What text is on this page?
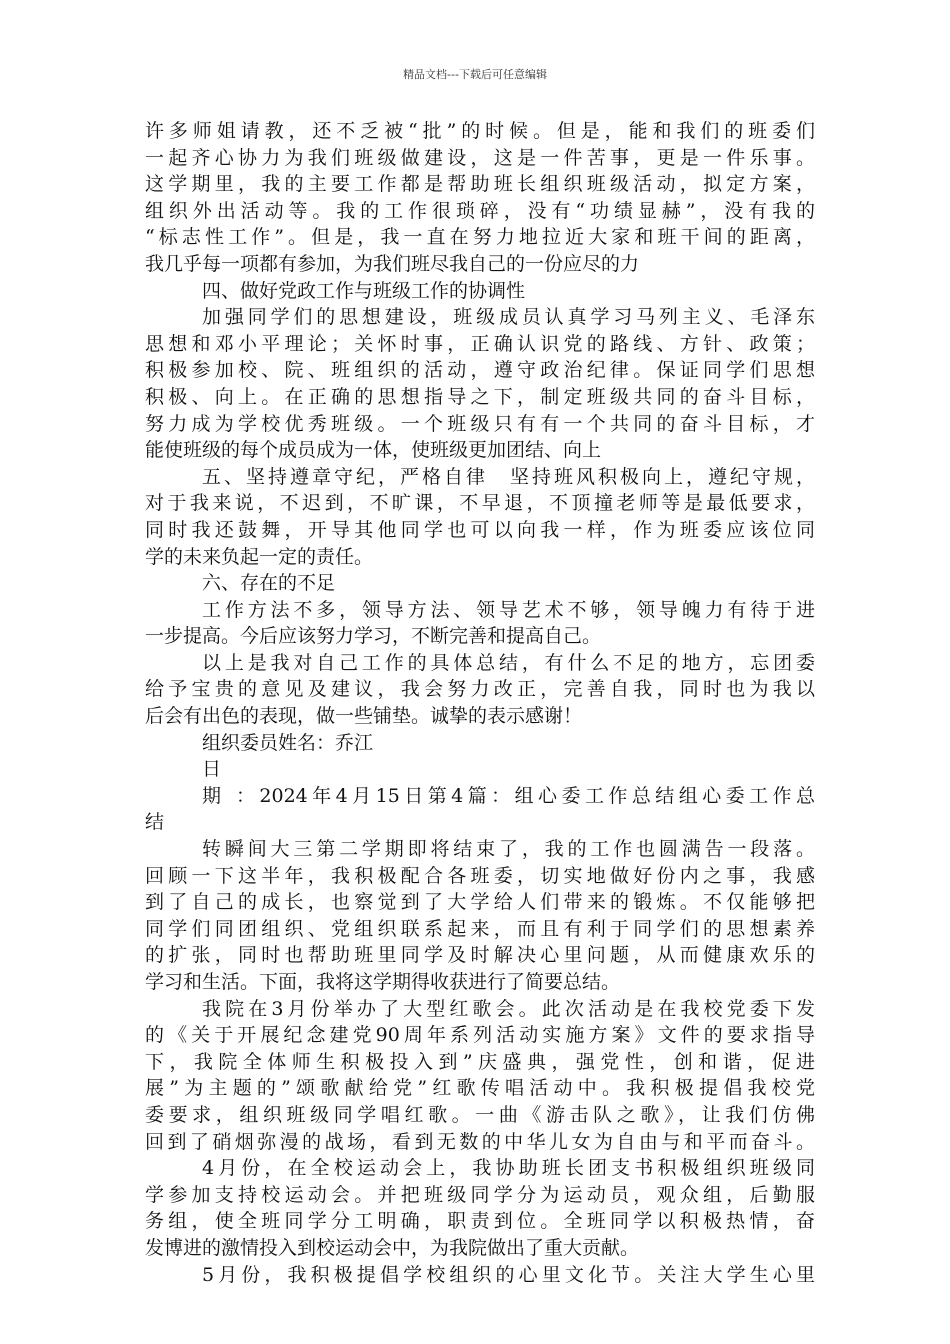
精品文档---下载后可任意编辑
许多师姐请教，还不乏被“批”的时候。但是，能和我们的班委们
一起齐心协力为我们班级做建设，这是一件苦事，更是一件乐事。
这学期里，我的主要工作都是帮助班长组织班级活动，拟定方案，
组织外出活动等。我的工作很琐碎，没有“功绩显赫”，没有我的
“标志性工作”。但是，我一直在努力地拉近大家和班干间的距离，
我几乎每一项都有参加，为我们班尽我自己的一份应尽的力
四、做好党政工作与班级工作的协调性
加强同学们的思想建设，班级成员认真学习马列主义、毛泽东
思想和邓小平理论；关怀时事，正确认识党的路线、方针、政策；
积极参加校、院、班组织的活动，遵守政治纪律。保证同学们思想
积极、向上。在正确的思想指导之下，制定班级共同的奋斗目标，
努力成为学校优秀班级。一个班级只有有一个共同的奋斗目标，才
能使班级的每个成员成为一体，使班级更加团结、向上
五、坚持遵章守纪，严格自律　坚持班风积极向上，遵纪守规，
对于我来说，不迟到，不旷课，不早退，不顶撞老师等是最低要求，
同时我还鼓舞，开导其他同学也可以向我一样，作为班委应该位同
学的未来负起一定的责任。
六、存在的不足
工作方法不多，领导方法、领导艺术不够，领导魄力有待于进
一步提高。今后应该努力学习，不断完善和提高自己。
以上是我对自己工作的具体总结，有什么不足的地方，忘团委
给予宝贵的意见及建议，我会努力改正，完善自我，同时也为我以
后会有出色的表现，做一些铺垫。诚挚的表示感谢！
组织委员姓名：乔江
日
期 ：2024年4月15日第4篇：组心委工作总结组心委工作总
结
转瞬间大三第二学期即将结束了，我的工作也圆满告一段落。
回顾一下这半年，我积极配合各班委，切实地做好份内之事，我感
到了自己的成长，也察觉到了大学给人们带来的锻炼。不仅能够把
同学们同团组织、党组织联系起来，而且有利于同学们的思想素养
的扩张，同时也帮助班里同学及时解决心里问题，从而健康欢乐的
学习和生活。下面，我将这学期得收获进行了简要总结。
我院在3月份举办了大型红歌会。此次活动是在我校党委下发
的《关于开展纪念建党90周年系列活动实施方案》文件的要求指导
下，我院全体师生积极投入到”庆盛典，强党性，创和谐，促进
展”为主题的”颂歌献给党”红歌传唱活动中。我积极提倡我校党
委要求，组织班级同学唱红歌。一曲《游击队之歌》，让我们仿佛
回到了硝烟弥漫的战场，看到无数的中华儿女为自由与和平而奋斗。
4月份，在全校运动会上，我协助班长团支书积极组织班级同
学参加支持校运动会。并把班级同学分为运动员，观众组，后勤服
务组，使全班同学分工明确，职责到位。全班同学以积极热情，奋
发博进的激情投入到校运动会中，为我院做出了重大贡献。
5月份，我积极提倡学校组织的心里文化节。关注大学生心里
